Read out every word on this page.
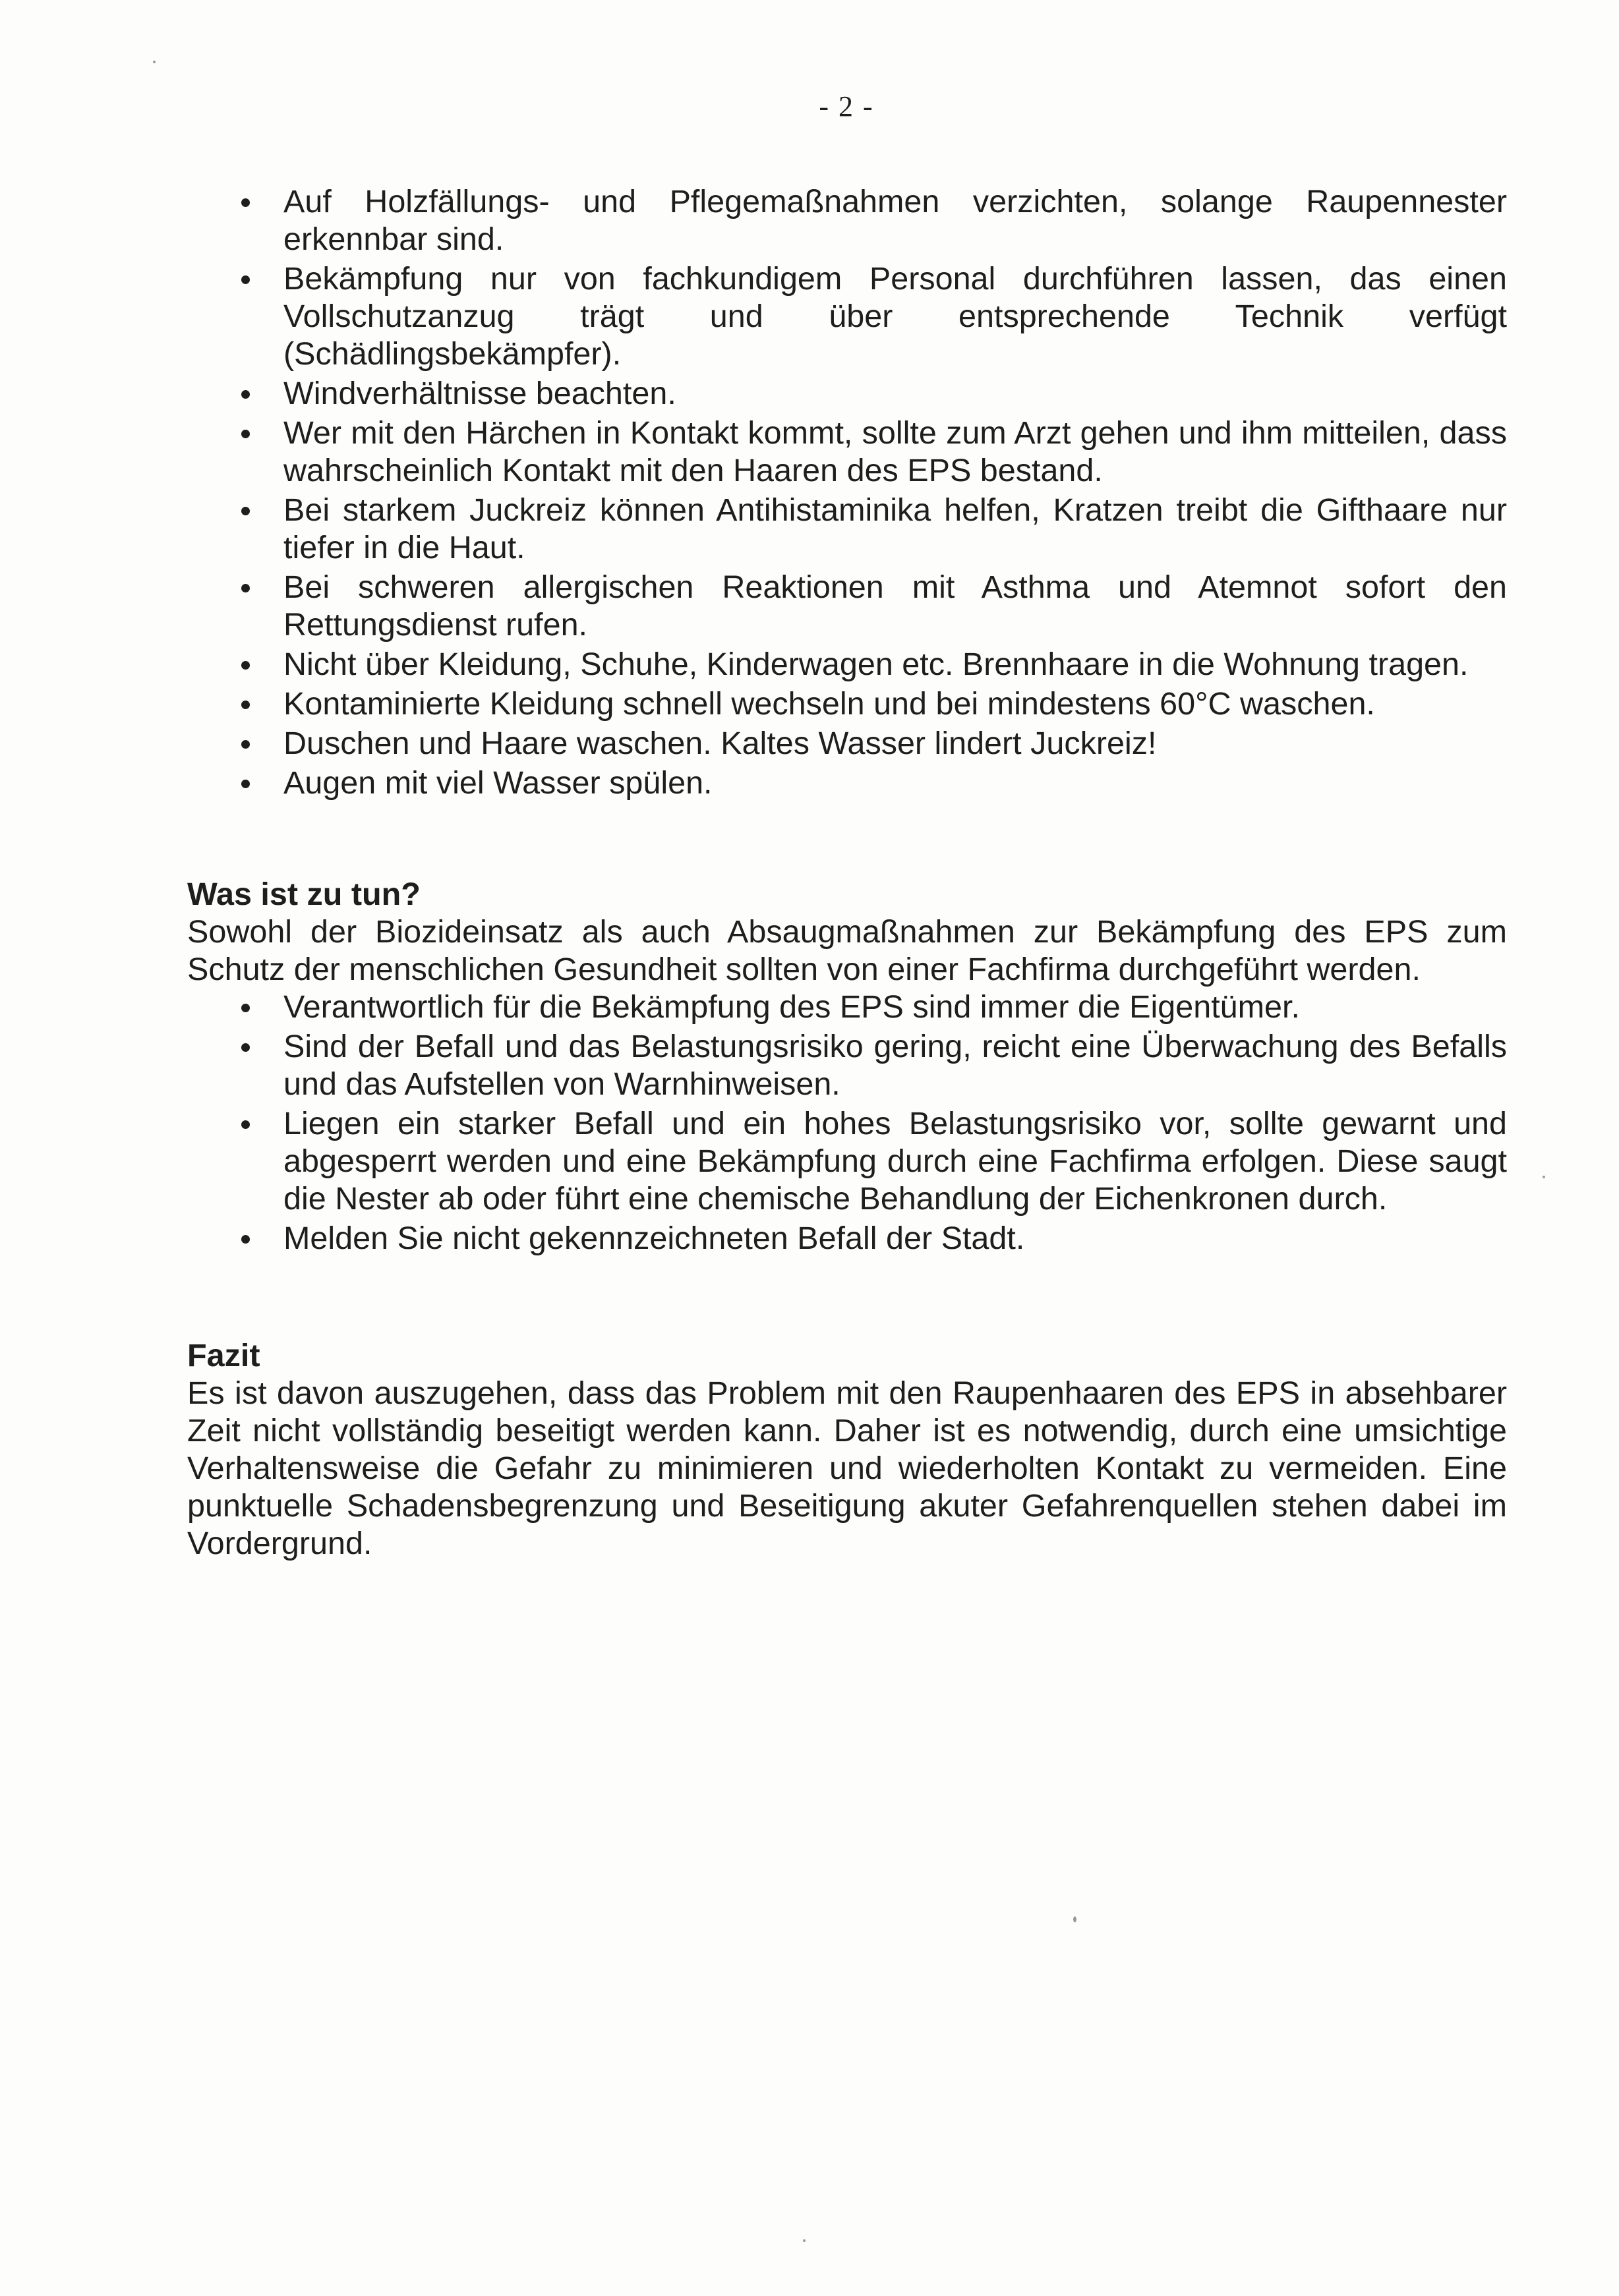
- 2 -
Auf Holzfällungs- und Pflegemaßnahmen verzichten, solange Raupennester erkennbar sind.
Bekämpfung nur von fachkundigem Personal durchführen lassen, das einen Vollschutzanzug trägt und über entsprechende Technik verfügt (Schädlingsbekämpfer).
Windverhältnisse beachten.
Wer mit den Härchen in Kontakt kommt, sollte zum Arzt gehen und ihm mitteilen, dass wahrscheinlich Kontakt mit den Haaren des EPS bestand.
Bei starkem Juckreiz können Antihistaminika helfen, Kratzen treibt die Gifthaare nur tiefer in die Haut.
Bei schweren allergischen Reaktionen mit Asthma und Atemnot sofort den Rettungsdienst rufen.
Nicht über Kleidung, Schuhe, Kinderwagen etc. Brennhaare in die Wohnung tragen.
Kontaminierte Kleidung schnell wechseln und bei mindestens 60°C waschen.
Duschen und Haare waschen. Kaltes Wasser lindert Juckreiz!
Augen mit viel Wasser spülen.

Was ist zu tun?

Sowohl der Biozideinsatz als auch Absaugmaßnahmen zur Bekämpfung des EPS zum Schutz der menschlichen Gesundheit sollten von einer Fachfirma durchgeführt werden.

Verantwortlich für die Bekämpfung des EPS sind immer die Eigentümer.
Sind der Befall und das Belastungsrisiko gering, reicht eine Überwachung des Befalls und das Aufstellen von Warnhinweisen.
Liegen ein starker Befall und ein hohes Belastungsrisiko vor, sollte gewarnt und abgesperrt werden und eine Bekämpfung durch eine Fachfirma erfolgen. Diese saugt die Nester ab oder führt eine chemische Behandlung der Eichenkronen durch.
Melden Sie nicht gekennzeichneten Befall der Stadt.

Fazit

Es ist davon auszugehen, dass das Problem mit den Raupenhaaren des EPS in absehbarer Zeit nicht vollständig beseitigt werden kann. Daher ist es notwendig, durch eine umsichtige Verhaltensweise die Gefahr zu minimieren und wiederholten Kontakt zu vermeiden. Eine punktuelle Schadensbegrenzung und Beseitigung akuter Gefahrenquellen stehen dabei im Vordergrund.
